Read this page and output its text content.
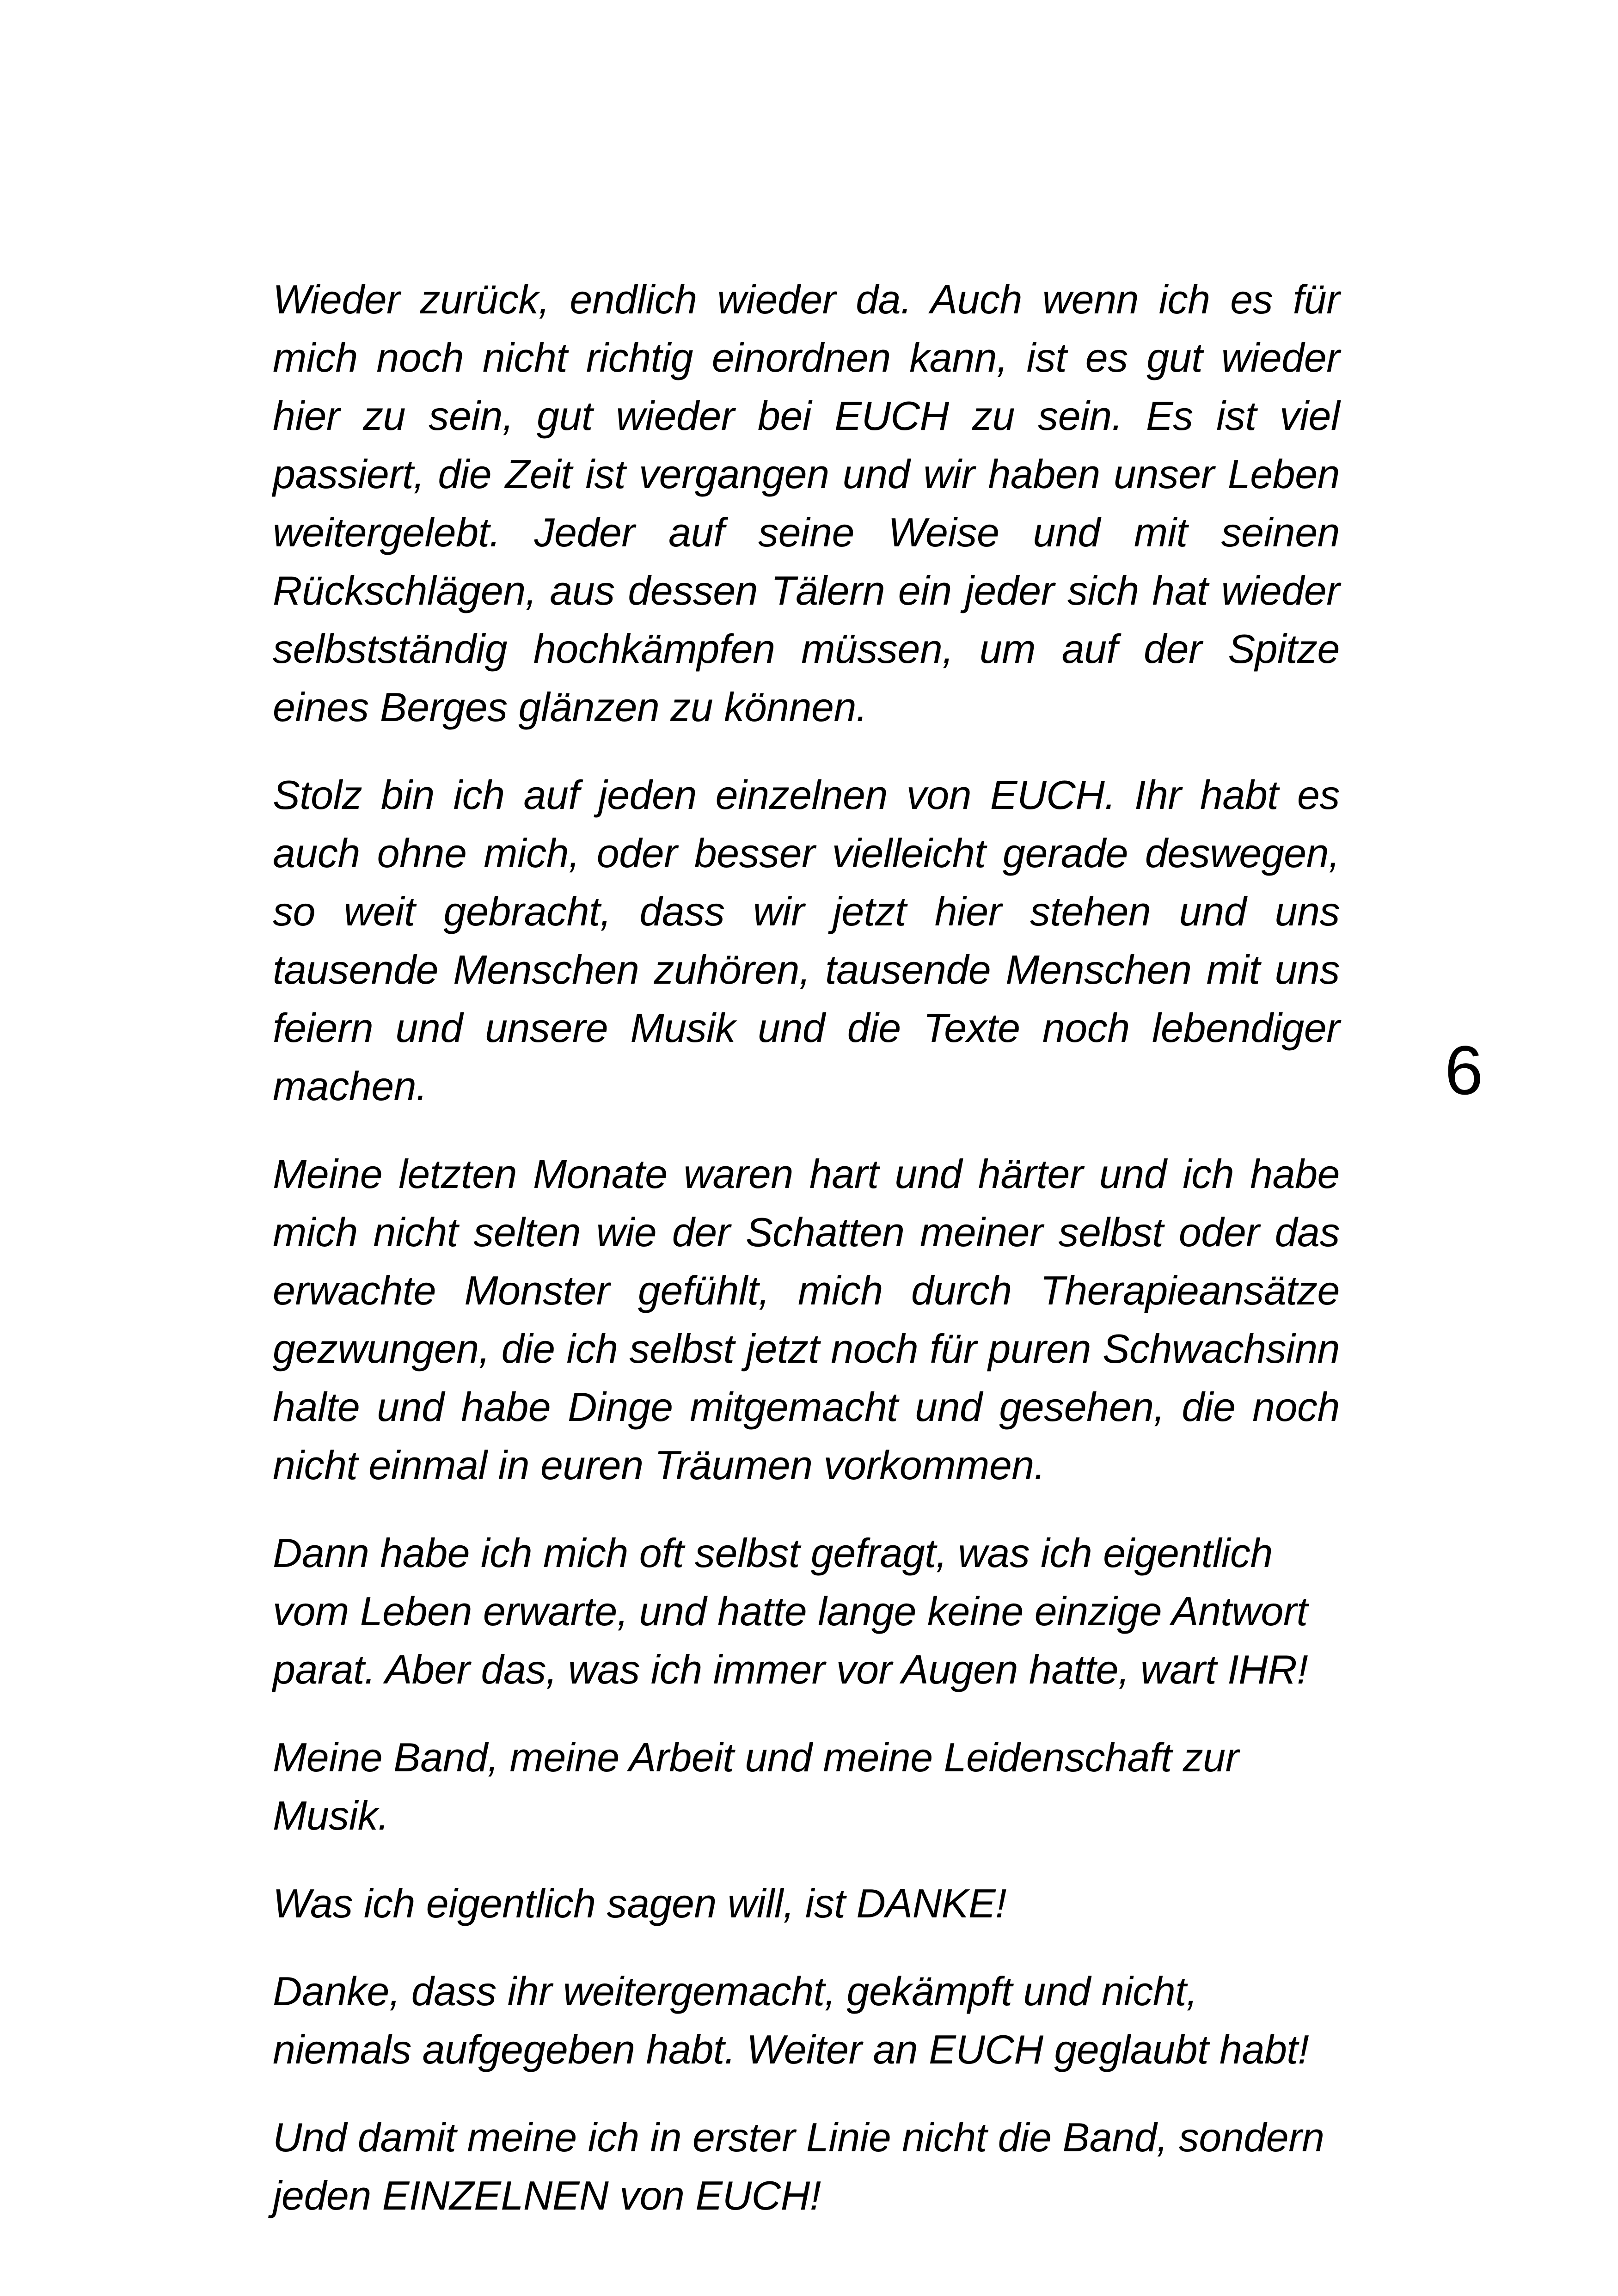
Wieder zurück, endlich wieder da. Auch wenn ich es für mich noch nicht richtig einordnen kann, ist es gut wieder hier zu sein, gut wieder bei EUCH zu sein. Es ist viel passiert, die Zeit ist vergangen und wir haben unser Leben weitergelebt. Jeder auf seine Weise und mit seinen Rückschlägen, aus dessen Tälern ein jeder sich hat wieder selbstständig hochkämpfen müssen, um auf der Spitze eines Berges glänzen zu können.

Stolz bin ich auf jeden einzelnen von EUCH. Ihr habt es auch ohne mich, oder besser vielleicht gerade deswegen, so weit gebracht, dass wir jetzt hier stehen und uns tausende Menschen zuhören, tausende Menschen mit uns feiern und unsere Musik und die Texte noch lebendiger machen.

Meine letzten Monate waren hart und härter und ich habe mich nicht selten wie der Schatten meiner selbst oder das erwachte Monster gefühlt, mich durch Therapieansätze gezwungen, die ich selbst jetzt noch für puren Schwachsinn halte und habe Dinge mitgemacht und gesehen, die noch nicht einmal in euren Träumen vorkommen.

Dann habe ich mich oft selbst gefragt, was ich eigentlich vom Leben erwarte, und hatte lange keine einzige Antwort parat. Aber das, was ich immer vor Augen hatte, wart IHR!

Meine Band, meine Arbeit und meine Leidenschaft zur Musik.

Was ich eigentlich sagen will, ist DANKE!

Danke, dass ihr weitergemacht, gekämpft und nicht, niemals aufgegeben habt. Weiter an EUCH geglaubt habt!

Und damit meine ich in erster Linie nicht die Band, sondern jeden EINZELNEN von EUCH!

6
